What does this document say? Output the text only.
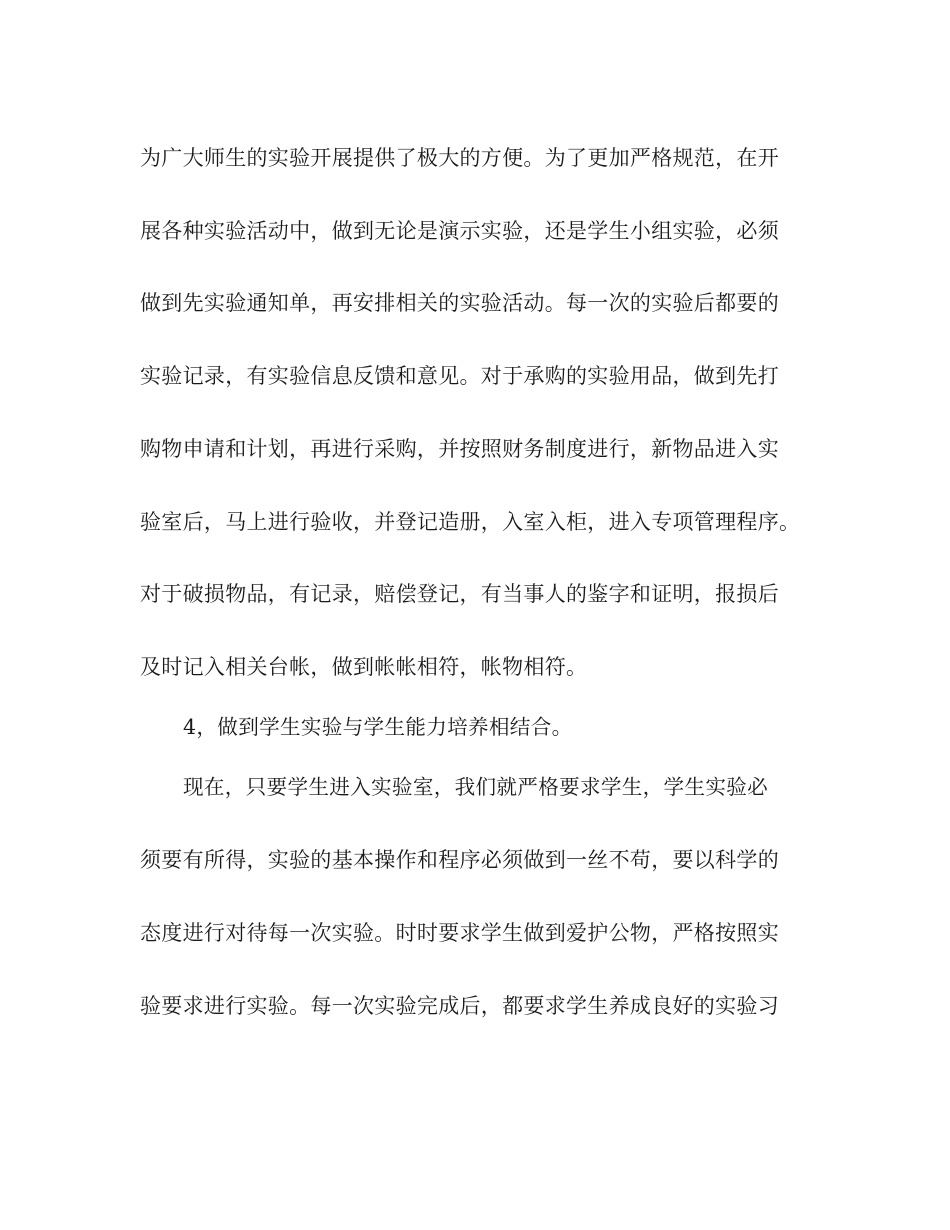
为广大师生的实验开展提供了极大的方便。为了更加严格规范，在开
展各种实验活动中，做到无论是演示实验，还是学生小组实验，必须
做到先实验通知单，再安排相关的实验活动。每一次的实验后都要的
实验记录，有实验信息反馈和意见。对于承购的实验用品，做到先打
购物申请和计划，再进行采购，并按照财务制度进行，新物品进入实
验室后，马上进行验收，并登记造册，入室入柜，进入专项管理程序。
对于破损物品，有记录，赔偿登记，有当事人的鉴字和证明，报损后
及时记入相关台帐，做到帐帐相符，帐物相符。
4，做到学生实验与学生能力培养相结合。
现在，只要学生进入实验室，我们就严格要求学生，学生实验必
须要有所得，实验的基本操作和程序必须做到一丝不苟，要以科学的
态度进行对待每一次实验。时时要求学生做到爱护公物，严格按照实
验要求进行实验。每一次实验完成后，都要求学生养成良好的实验习
